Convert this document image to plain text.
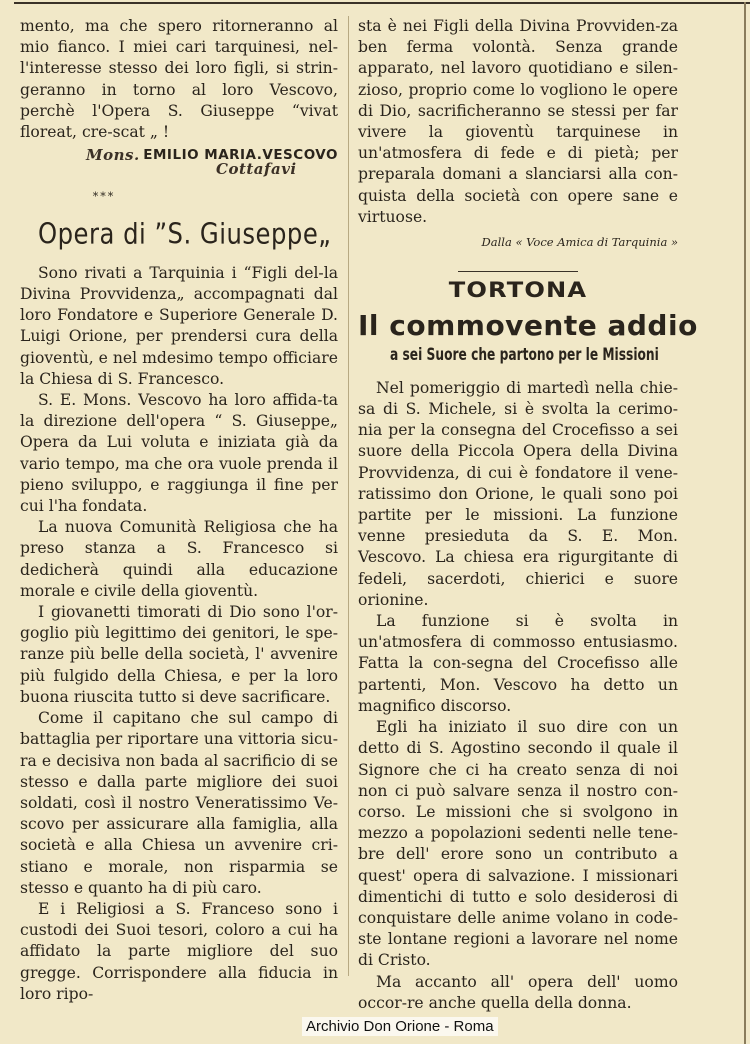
mento, ma che spero ritorneranno al mio fianco. I miei cari tarquinesi, nel-l'interesse stesso dei loro figli, si strin-geranno in torno al loro Vescovo, perchè l'Opera S. Giuseppe “vivat floreat, cre-scat „ !

Mons. EMILIO MARIA.VESCOVO
Cottafavi
***
Opera di ”S. Giuseppe„

Sono rivati a Tarquinia i “Figli del-la Divina Provvidenza„ accompagnati dal loro Fondatore e Superiore Generale D. Luigi Orione, per prendersi cura della gioventù, e nel mdesimo tempo officiare la Chiesa di S. Francesco.

S. E. Mons. Vescovo ha loro affida-ta la direzione dell'opera “ S. Giuseppe„ Opera da Lui voluta e iniziata già da vario tempo, ma che ora vuole prenda il pieno sviluppo, e raggiunga il fine per cui l'ha fondata.

La nuova Comunità Religiosa che ha preso stanza a S. Francesco si dedicherà quindi alla educazione morale e civile della gioventù.

I giovanetti timorati di Dio sono l'or-goglio più legittimo dei genitori, le spe-ranze più belle della società, l' avvenire più fulgido della Chiesa, e per la loro buona riuscita tutto si deve sacrificare.

Come il capitano che sul campo di battaglia per riportare una vittoria sicu-ra e decisiva non bada al sacrificio di se stesso e dalla parte migliore dei suoi soldati, così il nostro Veneratissimo Ve-scovo per assicurare alla famiglia, alla società e alla Chiesa un avvenire cri-stiano e morale, non risparmia se stesso e quanto ha di più caro.

E i Religiosi a S. Franceso sono i custodi dei Suoi tesori, coloro a cui ha affidato la parte migliore del suo gregge. Corrispondere alla fiducia in loro ripo-

sta è nei Figli della Divina Provviden-za ben ferma volontà. Senza grande apparato, nel lavoro quotidiano e silen-zioso, proprio come lo vogliono le opere di Dio, sacrificheranno se stessi per far vivere la gioventù tarquinese in un'atmosfera di fede e di pietà; per preparala domani a slanciarsi alla con-quista della società con opere sane e virtuose.

Dalla « Voce Amica di Tarquinia »
TORTONA
Il commovente addio
a sei Suore che partono per le Missioni

Nel pomeriggio di martedì nella chie-sa di S. Michele, si è svolta la cerimo-nia per la consegna del Crocefisso a sei suore della Piccola Opera della Divina Provvidenza, di cui è fondatore il vene-ratissimo don Orione, le quali sono poi partite per le missioni. La funzione venne presieduta da S. E. Mon. Vescovo. La chiesa era rigurgitante di fedeli, sacerdoti, chierici e suore orionine.

La funzione si è svolta in un'atmosfera di commosso entusiasmo. Fatta la con-segna del Crocefisso alle partenti, Mon. Vescovo ha detto un magnifico discorso.

Egli ha iniziato il suo dire con un detto di S. Agostino secondo il quale il Signore che ci ha creato senza di noi non ci può salvare senza il nostro con-corso. Le missioni che si svolgono in mezzo a popolazioni sedenti nelle tene-bre dell' erore sono un contributo a quest' opera di salvazione. I missionari dimentichi di tutto e solo desiderosi di conquistare delle anime volano in code-ste lontane regioni a lavorare nel nome di Cristo.

Ma accanto all' opera dell' uomo occor-re anche quella della donna.

Archivio Don Orione - Roma
